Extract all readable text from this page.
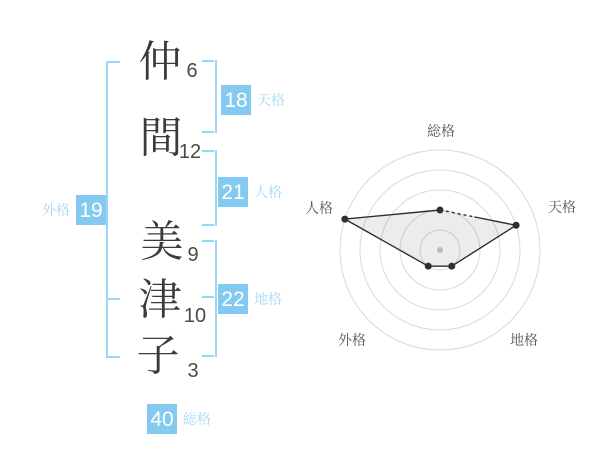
仲
間
美
津
子
6
12
9
10
3
18 天格
21 人格
22 地格
外格 19
40 総格
総格
天格
地格
外格
人格
